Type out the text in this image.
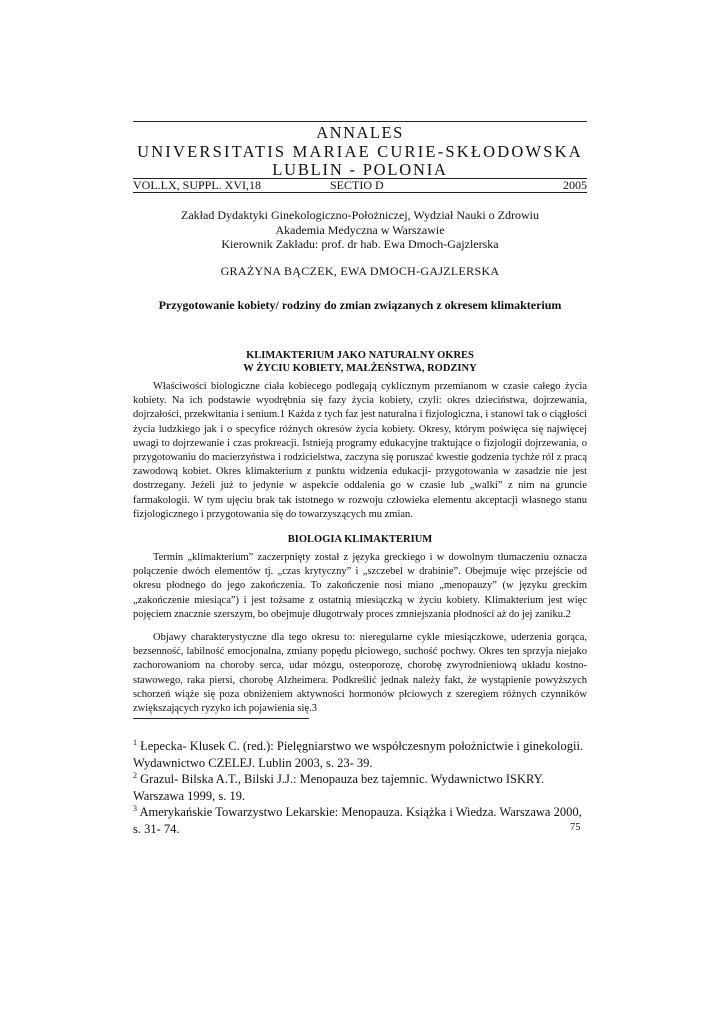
ANNALES
UNIVERSITATIS MARIAE CURIE-SKŁODOWSKA
LUBLIN - POLONIA
VOL.LX, SUPPL. XVI,18	SECTIO D	2005
Zakład Dydaktyki Ginekologiczno-Położniczej, Wydział Nauki o Zdrowiu
Akademia Medyczna w Warszawie
Kierownik Zakładu: prof. dr hab. Ewa Dmoch-Gajzlerska
GRAŻYNA BĄCZEK, EWA DMOCH-GAJZLERSKA
Przygotowanie kobiety/ rodziny do zmian związanych z okresem klimakterium
KLIMAKTERIUM JAKO NATURALNY OKRES
W ŻYCIU KOBIETY, MAŁŻEŃSTWA, RODZINY

Właściwości biologiczne ciała kobiecego podlegają cyklicznym przemianom w czasie całego życia kobiety. Na ich podstawie wyodrębnia się fazy życia kobiety, czyli: okres dzieciństwa, dojrzewania, dojrzałości, przekwitania i senium.1 Każda z tych faz jest naturalna i fizjologiczna, i stanowi tak o ciągłości życia ludzkiego jak i o specyfice różnych okresów życia kobiety. Okresy, którym poświęca się najwięcej uwagi to dojrzewanie i czas prokreacji. Istnieją programy edukacyjne traktujące o fizjologii dojrzewania, o przygotowaniu do macierzyństwa i rodzicielstwa, zaczyna się poruszać kwestie godzenia tychże ról z pracą zawodową kobiet. Okres klimakterium z punktu widzenia edukacji- przygotowania w zasadzie nie jest dostrzegany. Jeżeli już to jedynie w aspekcie oddalenia go w czasie lub „walki” z nim na gruncie farmakologii. W tym ujęciu brak tak istotnego w rozwoju człowieka elementu akceptacji własnego stanu fizjologicznego i przygotowania się do towarzyszących mu zmian.

BIOLOGIA KLIMAKTERIUM

Termin „klimakterium” zaczerpnięty został z języka greckiego i w dowolnym tłumaczeniu oznacza połączenie dwóch elementów tj. „czas krytyczny” i „szczebel w drabinie”. Obejmuje więc przejście od okresu płodnego do jego zakończenia. To zakończenie nosi miano „menopauzy” (w języku greckim „zakończenie miesiąca”) i jest tożsame z ostatnią miesiączką w życiu kobiety. Klimakterium jest więc pojęciem znacznie szerszym, bo obejmuje długotrwały proces zmniejszania płodności aż do jej zaniku.2

Objawy charakterystyczne dla tego okresu to: nieregularne cykle miesiączkowe, uderzenia gorąca, bezsenność, labilność emocjonalna, zmiany popędu płciowego, suchość pochwy. Okres ten sprzyja niejako zachorowaniom na choroby serca, udar mózgu, osteoporozę, chorobę zwyrodnieniową układu kostno- stawowego, raka piersi, chorobę Alzheimera. Podkreślić jednak należy fakt, że wystąpienie powyższych schorzeń wiąże się poza obniżeniem aktywności hormonów płciowych z szeregiem różnych czynników zwiększających ryzyko ich pojawienia się.3

$^1$ Łepecka- Klusek C. (red.): Pielęgniarstwo we współczesnym położnictwie i ginekologii. Wydawnictwo CZELEJ. Lublin 2003, s. 23- 39.

$^2$ Grazul- Bilska A.T., Bilski J.J.: Menopauza bez tajemnic. Wydawnictwo ISKRY. Warszawa 1999, s. 19.

$^3$ Amerykańskie Towarzystwo Lekarskie: Menopauza. Książka i Wiedza. Warszawa 2000, s. 31- 74.	75
